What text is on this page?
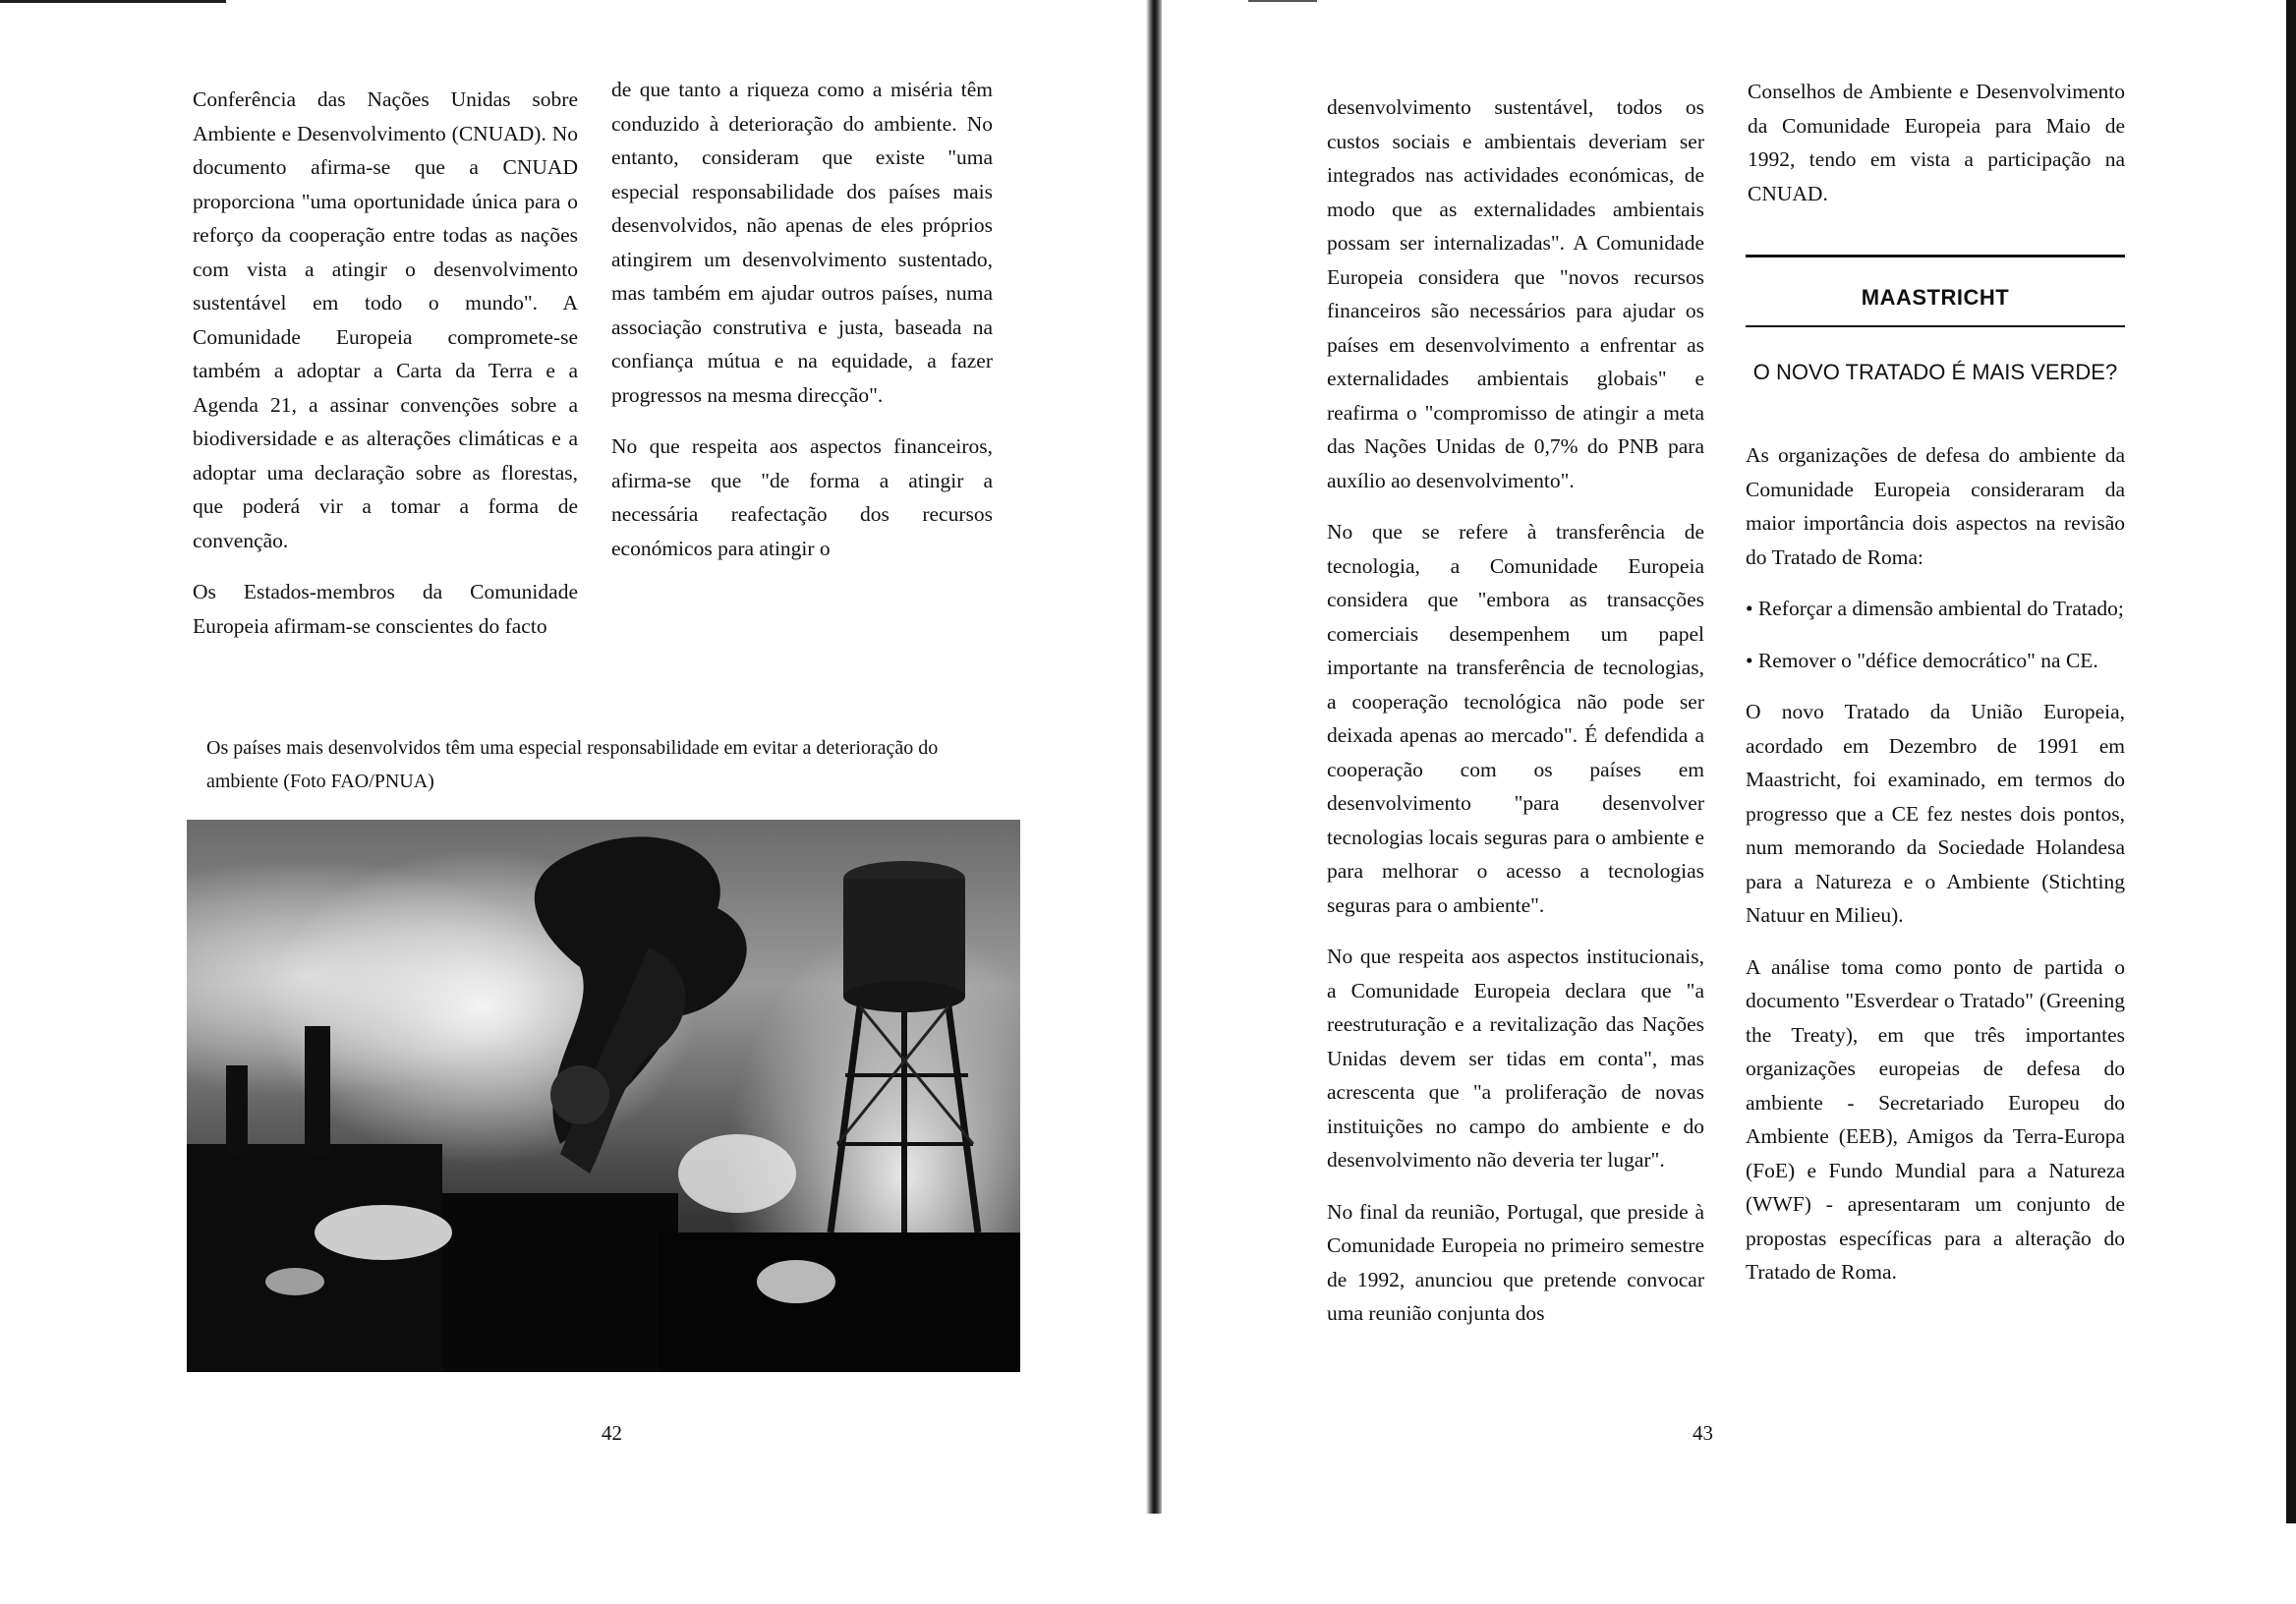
Conferência das Nações Unidas sobre Ambiente e Desenvolvimento (CNUAD). No documento afirma-se que a CNUAD proporciona "uma oportunidade única para o reforço da cooperação entre todas as nações com vista a atingir o desenvolvimento sustentável em todo o mundo". A Comunidade Europeia compromete-se também a adoptar a Carta da Terra e a Agenda 21, a assinar convenções sobre a biodiversidade e as alterações climáticas e a adoptar uma declaração sobre as florestas, que poderá vir a tomar a forma de convenção.

Os Estados-membros da Comunidade Europeia afirmam-se conscientes do facto

de que tanto a riqueza como a miséria têm conduzido à deterioração do ambiente. No entanto, consideram que existe "uma especial responsabilidade dos países mais desenvolvidos, não apenas de eles próprios atingirem um desenvolvimento sustentado, mas também em ajudar outros países, numa associação construtiva e justa, baseada na confiança mútua e na equidade, a fazer progressos na mesma direcção".

No que respeita aos aspectos financeiros, afirma-se que "de forma a atingir a necessária reafectação dos recursos económicos para atingir o

Os países mais desenvolvidos têm uma especial responsabilidade em evitar a deterioração do ambiente (Foto FAO/PNUA)
42

desenvolvimento sustentável, todos os custos sociais e ambientais deveriam ser integrados nas actividades económicas, de modo que as externalidades ambientais possam ser internalizadas". A Comunidade Europeia considera que "novos recursos financeiros são necessários para ajudar os países em desenvolvimento a enfrentar as externalidades ambientais globais" e reafirma o "compromisso de atingir a meta das Nações Unidas de 0,7% do PNB para auxílio ao desenvolvimento".

No que se refere à transferência de tecnologia, a Comunidade Europeia considera que "embora as transacções comerciais desempenhem um papel importante na transferência de tecnologias, a cooperação tecnológica não pode ser deixada apenas ao mercado". É defendida a cooperação com os países em desenvolvimento "para desenvolver tecnologias locais seguras para o ambiente e para melhorar o acesso a tecnologias seguras para o ambiente".

No que respeita aos aspectos institucionais, a Comunidade Europeia declara que "a reestruturação e a revitalização das Nações Unidas devem ser tidas em conta", mas acrescenta que "a proliferação de novas instituições no campo do ambiente e do desenvolvimento não deveria ter lugar".

No final da reunião, Portugal, que preside à Comunidade Europeia no primeiro semestre de 1992, anunciou que pretende convocar uma reunião conjunta dos

Conselhos de Ambiente e Desenvolvimento da Comunidade Europeia para Maio de 1992, tendo em vista a participação na CNUAD.

MAASTRICHT
O NOVO TRATADO É MAIS VERDE?

As organizações de defesa do ambiente da Comunidade Europeia consideraram da maior importância dois aspectos na revisão do Tratado de Roma:

• Reforçar a dimensão ambiental do Tratado;

• Remover o "défice democrático" na CE.

O novo Tratado da União Europeia, acordado em Dezembro de 1991 em Maastricht, foi examinado, em termos do progresso que a CE fez nestes dois pontos, num memorando da Sociedade Holandesa para a Natureza e o Ambiente (Stichting Natuur en Milieu).

A análise toma como ponto de partida o documento "Esverdear o Tratado" (Greening the Treaty), em que três importantes organizações europeias de defesa do ambiente - Secretariado Europeu do Ambiente (EEB), Amigos da Terra-Europa (FoE) e Fundo Mundial para a Natureza (WWF) - apresentaram um conjunto de propostas específicas para a alteração do Tratado de Roma.

43
